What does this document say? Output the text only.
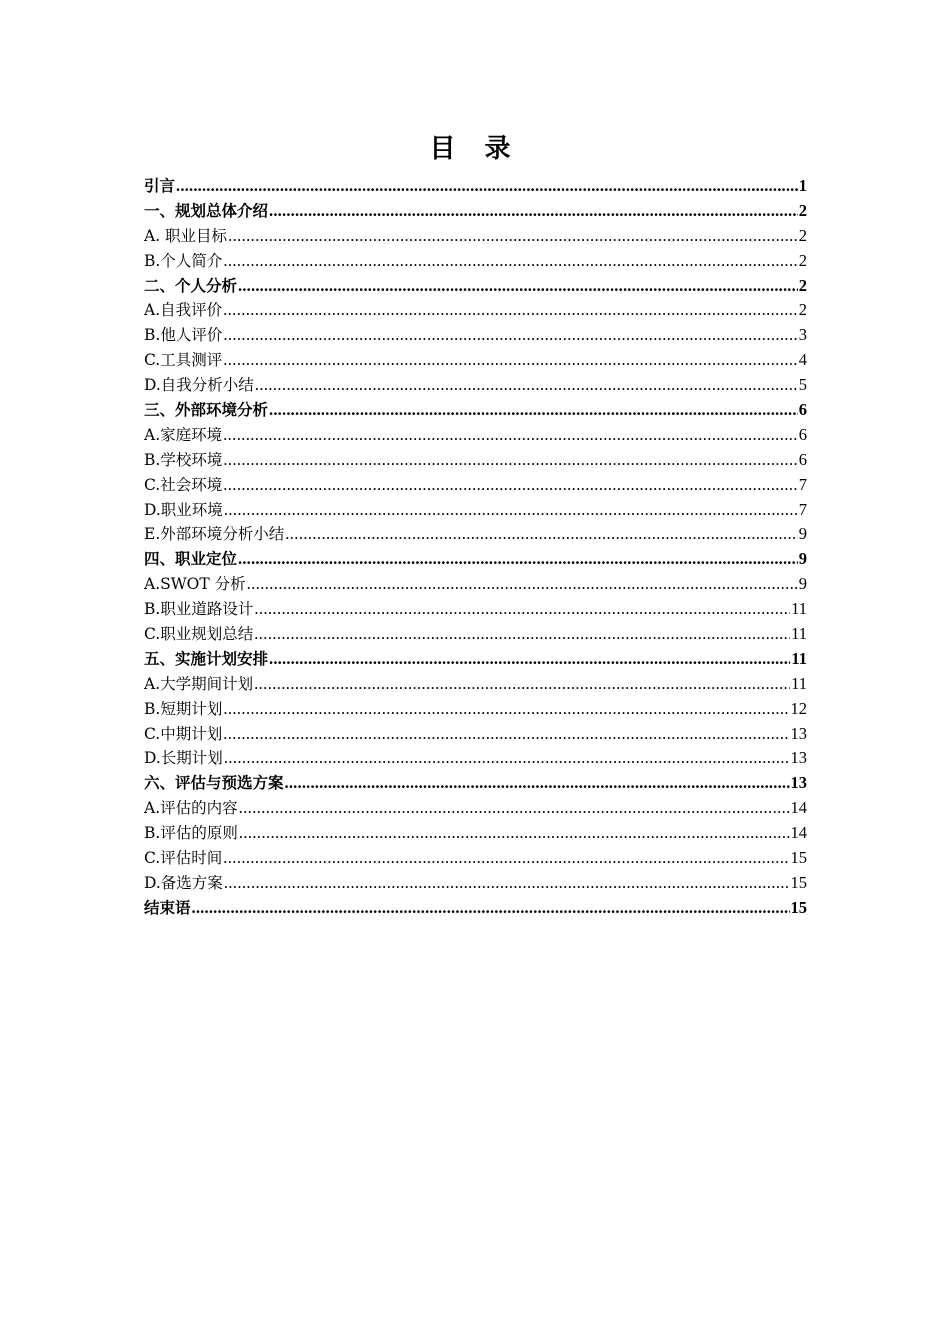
目 录
引言 .....	1
一、规划总体介绍 .....	2
A. 职业目标 .....	2
B.个人简介 .....	2
二、个人分析 .....	2
A.自我评价 .....	2
B.他人评价 .....	3
C.工具测评 .....	4
D.自我分析小结 .....	5
三、外部环境分析 .....	6
A.家庭环境 .....	6
B.学校环境 .....	6
C.社会环境 .....	7
D.职业环境 .....	7
E.外部环境分析小结 .....	9
四、职业定位 .....	9
A.SWOT 分析 .....	9
B.职业道路设计 .....	11
C.职业规划总结 .....	11
五、实施计划安排 .....	11
A.大学期间计划 .....	11
B.短期计划 .....	12
C.中期计划 .....	13
D.长期计划 .....	13
六、评估与预选方案 .....	13
A.评估的内容 .....	14
B.评估的原则 .....	14
C.评估时间 .....	15
D.备选方案 .....	15
结束语 .....	15
